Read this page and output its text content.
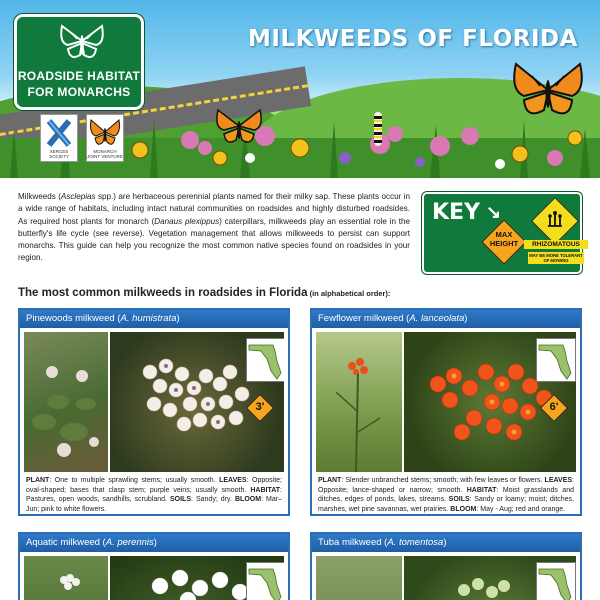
MILKWEEDS OF FLORIDA
ROADSIDE HABITAT
FOR MONARCHS
XERCES SOCIETY
MONARCH JOINT VENTURE

Milkweeds (Asclepias spp.) are herbaceous perennial plants named for their milky sap. These plants occur in a wide range of habitats, including intact natural communities on roadsides and highly disturbed roadsides. As required host plants for monarch (Danaus plexippus) caterpillars, milkweeds play an essential role in the butterfly's life cycle (see reverse). Vegetation management that allows milkweeds to persist can support monarchs. This guide can help you recognize the most common native species found on roadsides in your region.

KEY ↘
MAX
HEIGHT	RHIZOMATOUS
MAY BE MORE TOLERANT OF MOWING
The most common milkweeds in roadsides in Florida (in alphabetical order):
Pinewoods milkweed (A. humistrata)
3'
PLANT: One to multiple sprawling stems; usually smooth. LEAVES: Opposite; oval-shaped; bases that clasp stem; purple veins; usually smooth. HABITAT: Pastures, open woods, sandhills, scrubland. SOILS: Sandy; dry. BLOOM: Mar–Jun; pink to white flowers.
Fewflower milkweed (A. lanceolata)
6'
PLANT: Slender unbranched stems; smooth; with few leaves or flowers. LEAVES: Opposite; lance-shaped or narrow; smooth. HABITAT: Moist grasslands and ditches, edges of ponds, lakes, streams. SOILS: Sandy or loamy; moist; ditches, marshes, wet pine savannas, wet prairies. BLOOM: May - Aug; red and orange.
Aquatic milkweed (A. perennis)	Tuba milkweed (A. tomentosa)
